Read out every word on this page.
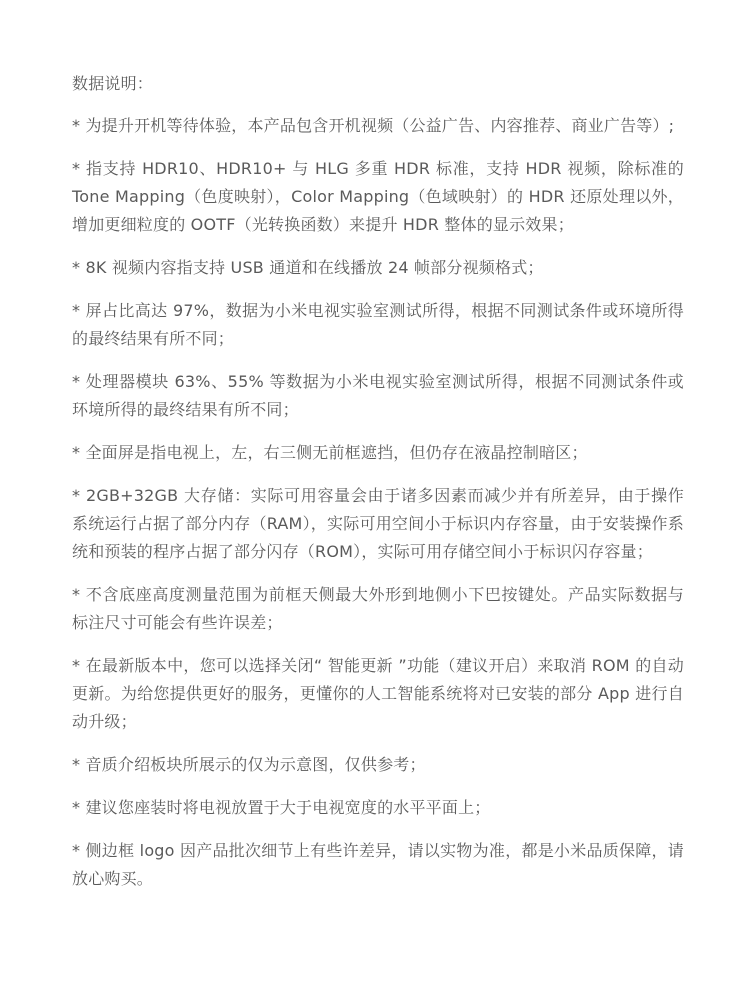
数据说明：
* 为提升开机等待体验，本产品包含开机视频（公益广告、内容推荐、商业广告等）;
* 指支持 HDR10、HDR10+ 与 HLG 多重 HDR 标准，支持 HDR 视频，除标准的 Tone Mapping（色度映射），Color Mapping（色域映射）的 HDR 还原处理以外，增加更细粒度的 OOTF（光转换函数）来提升 HDR 整体的显示效果；
* 8K 视频内容指支持 USB 通道和在线播放 24 帧部分视频格式；
* 屏占比高达 97%，数据为小米电视实验室测试所得，根据不同测试条件或环境所得的最终结果有所不同；
* 处理器模块 63%、55% 等数据为小米电视实验室测试所得，根据不同测试条件或环境所得的最终结果有所不同；
* 全面屏是指电视上，左，右三侧无前框遮挡，但仍存在液晶控制暗区；
* 2GB+32GB 大存储：实际可用容量会由于诸多因素而减少并有所差异，由于操作系统运行占据了部分内存（RAM），实际可用空间小于标识内存容量，由于安装操作系统和预装的程序占据了部分闪存（ROM），实际可用存储空间小于标识闪存容量；
* 不含底座高度测量范围为前框天侧最大外形到地侧小下巴按键处。产品实际数据与标注尺寸可能会有些许误差；
* 在最新版本中，您可以选择关闭“ 智能更新 ”功能（建议开启）来取消 ROM 的自动更新。为给您提供更好的服务，更懂你的人工智能系统将对已安装的部分 App 进行自动升级；
* 音质介绍板块所展示的仅为示意图，仅供参考；
* 建议您座装时将电视放置于大于电视宽度的水平平面上；
* 侧边框 logo 因产品批次细节上有些许差异，请以实物为准，都是小米品质保障，请放心购买。
